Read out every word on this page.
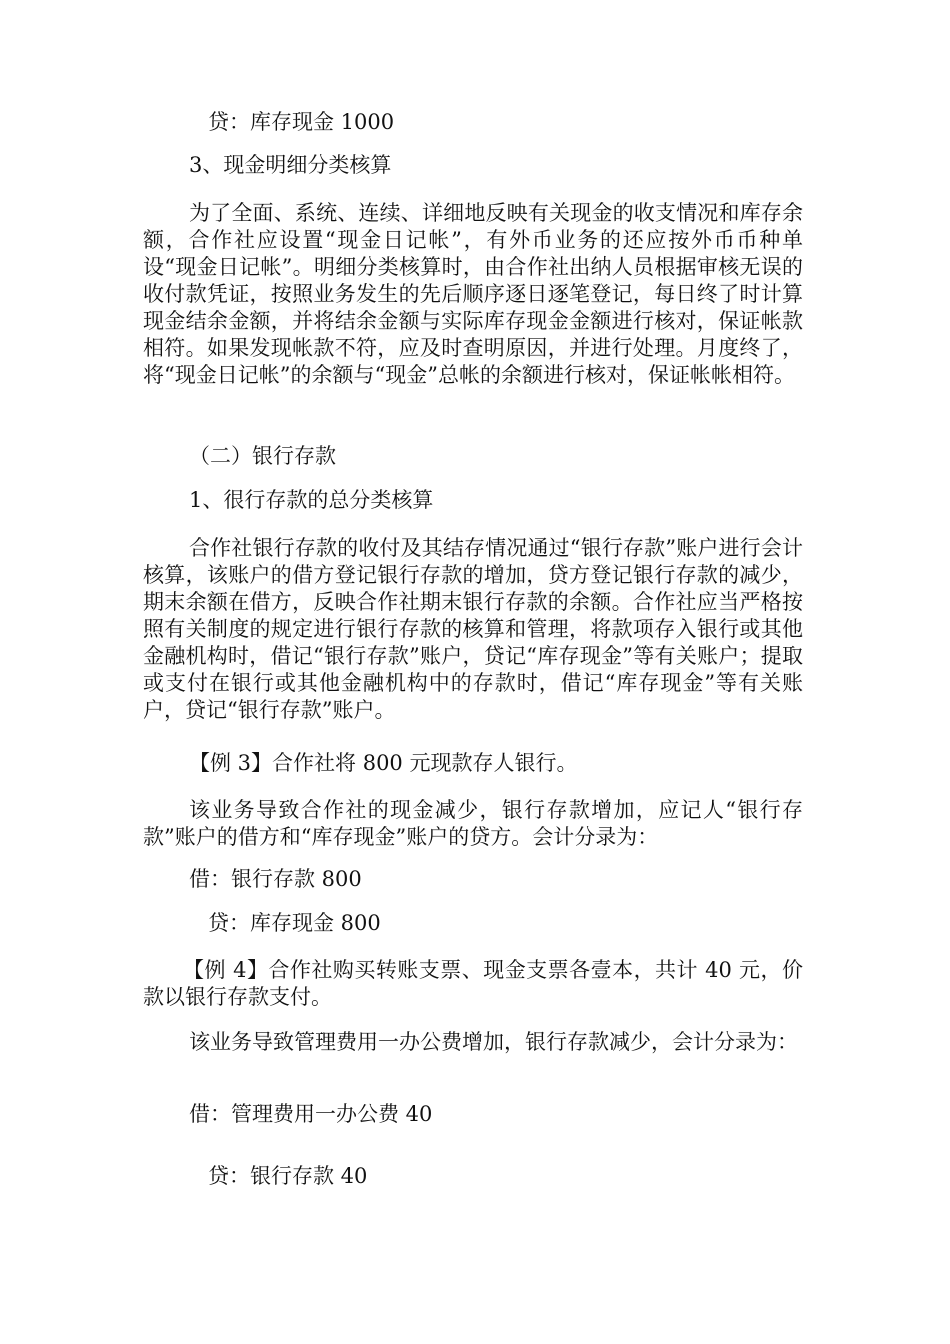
贷：库存现金 1000

3、现金明细分类核算

为了全面、系统、连续、详细地反映有关现金的收支情况和库存余额，合作社应设置“现金日记帐”，有外币业务的还应按外币币种单设“现金日记帐”。明细分类核算时，由合作社出纳人员根据审核无误的收付款凭证，按照业务发生的先后顺序逐日逐笔登记，每日终了时计算现金结余金额，并将结余金额与实际库存现金金额进行核对，保证帐款相符。如果发现帐款不符，应及时查明原因，并进行处理。月度终了，将“现金日记帐”的余额与“现金”总帐的余额进行核对，保证帐帐相符。

（二）银行存款

1、很行存款的总分类核算

合作社银行存款的收付及其结存情况通过“银行存款”账户进行会计核算，该账户的借方登记银行存款的增加，贷方登记银行存款的减少，期末余额在借方，反映合作社期末银行存款的余额。合作社应当严格按照有关制度的规定进行银行存款的核算和管理，将款项存入银行或其他金融机构时，借记“银行存款”账户，贷记“库存现金”等有关账户；提取或支付在银行或其他金融机构中的存款时，借记“库存现金”等有关账户，贷记“银行存款”账户。

【例 3】合作社将 800 元现款存人银行。

该业务导致合作社的现金减少，银行存款增加，应记人“银行存款”账户的借方和“库存现金”账户的贷方。会计分录为：

借：银行存款 800

贷：库存现金 800

【例 4】合作社购买转账支票、现金支票各壹本，共计 40 元，价款以银行存款支付。

该业务导致管理费用一办公费增加，银行存款减少，会计分录为：

借：管理费用一办公费 40

贷：银行存款 40
